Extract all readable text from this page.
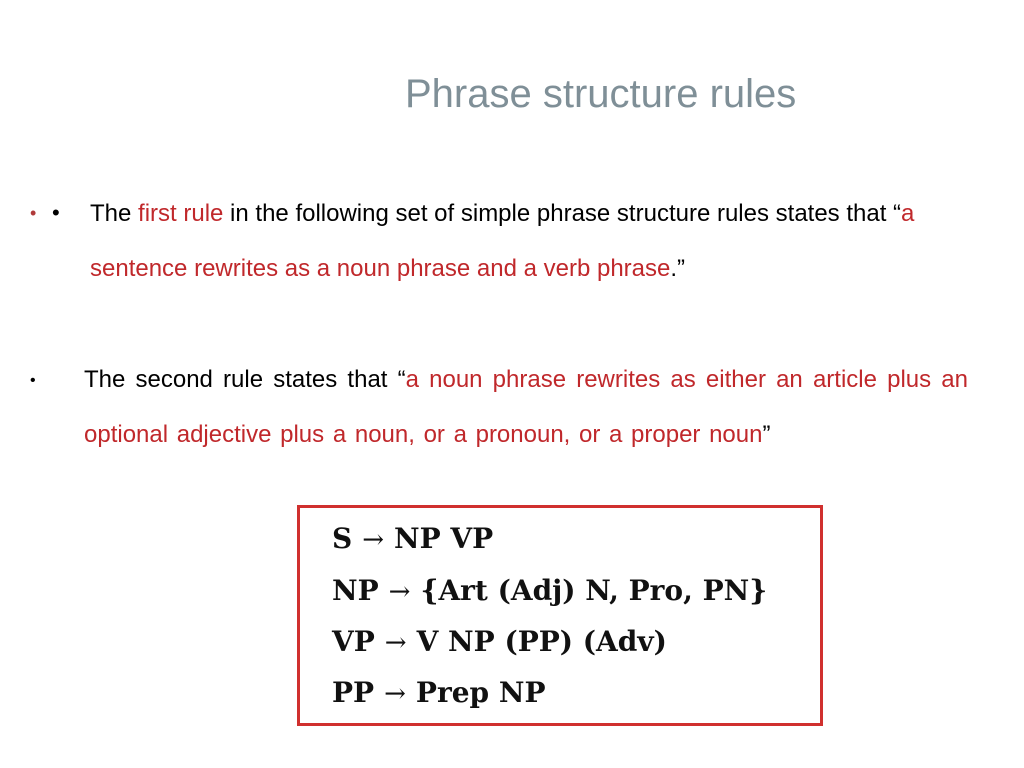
Phrase structure rules
• • The first rule in the following set of simple phrase structure rules states that “a sentence rewrites as a noun phrase and a verb phrase.”

• The second rule states that “a noun phrase rewrites as either an article plus an optional adjective plus a noun, or a pronoun, or a proper noun”

S → NP VP
NP → {Art (Adj) N, Pro, PN}
VP → V NP (PP) (Adv)
PP → Prep NP
